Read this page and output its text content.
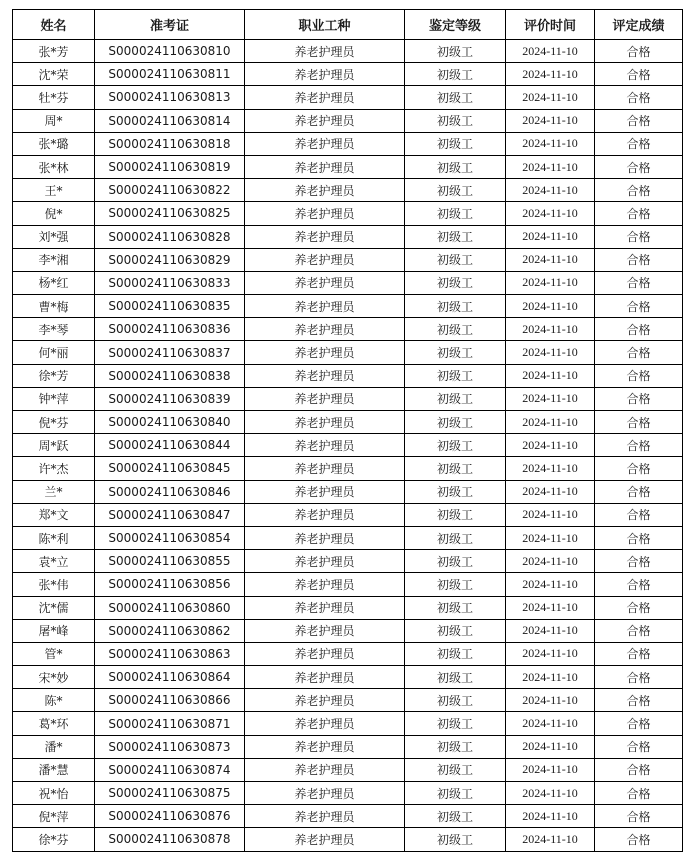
姓名	准考证	职业工种	鉴定等级	评价时间	评定成绩
张*芳	S000024110630810	养老护理员	初级工	2024-11-10	合格
沈*荣	S000024110630811	养老护理员	初级工	2024-11-10	合格
牡*芬	S000024110630813	养老护理员	初级工	2024-11-10	合格
周*	S000024110630814	养老护理员	初级工	2024-11-10	合格
张*璐	S000024110630818	养老护理员	初级工	2024-11-10	合格
张*林	S000024110630819	养老护理员	初级工	2024-11-10	合格
王*	S000024110630822	养老护理员	初级工	2024-11-10	合格
倪*	S000024110630825	养老护理员	初级工	2024-11-10	合格
刘*强	S000024110630828	养老护理员	初级工	2024-11-10	合格
李*湘	S000024110630829	养老护理员	初级工	2024-11-10	合格
杨*红	S000024110630833	养老护理员	初级工	2024-11-10	合格
曹*梅	S000024110630835	养老护理员	初级工	2024-11-10	合格
李*琴	S000024110630836	养老护理员	初级工	2024-11-10	合格
何*丽	S000024110630837	养老护理员	初级工	2024-11-10	合格
徐*芳	S000024110630838	养老护理员	初级工	2024-11-10	合格
钟*萍	S000024110630839	养老护理员	初级工	2024-11-10	合格
倪*芬	S000024110630840	养老护理员	初级工	2024-11-10	合格
周*跃	S000024110630844	养老护理员	初级工	2024-11-10	合格
许*杰	S000024110630845	养老护理员	初级工	2024-11-10	合格
兰*	S000024110630846	养老护理员	初级工	2024-11-10	合格
郑*文	S000024110630847	养老护理员	初级工	2024-11-10	合格
陈*利	S000024110630854	养老护理员	初级工	2024-11-10	合格
袁*立	S000024110630855	养老护理员	初级工	2024-11-10	合格
张*伟	S000024110630856	养老护理员	初级工	2024-11-10	合格
沈*儒	S000024110630860	养老护理员	初级工	2024-11-10	合格
屠*峰	S000024110630862	养老护理员	初级工	2024-11-10	合格
管*	S000024110630863	养老护理员	初级工	2024-11-10	合格
宋*妙	S000024110630864	养老护理员	初级工	2024-11-10	合格
陈*	S000024110630866	养老护理员	初级工	2024-11-10	合格
葛*环	S000024110630871	养老护理员	初级工	2024-11-10	合格
潘*	S000024110630873	养老护理员	初级工	2024-11-10	合格
潘*慧	S000024110630874	养老护理员	初级工	2024-11-10	合格
祝*怡	S000024110630875	养老护理员	初级工	2024-11-10	合格
倪*萍	S000024110630876	养老护理员	初级工	2024-11-10	合格
徐*芬	S000024110630878	养老护理员	初级工	2024-11-10	合格
